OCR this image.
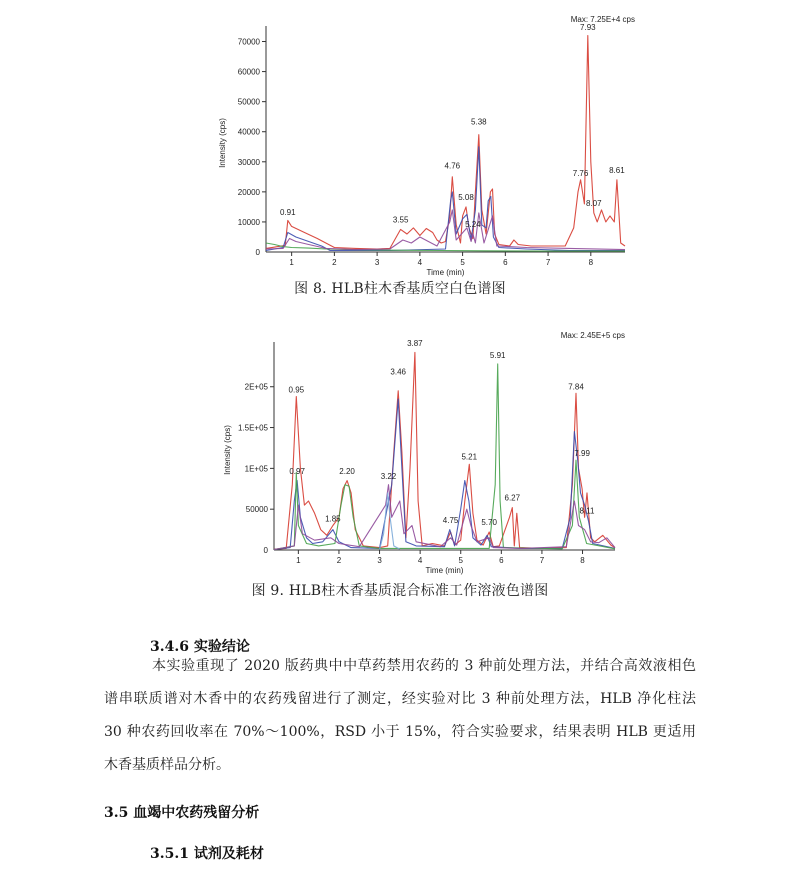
1	2	3	4	5	6	7	8
10000
20000
30000
40000
50000
60000
70000
0
Time (min)
Intensity (cps)
Max: 7.25E+4 cps
0.91
3.55
4.76
5.08
5.24
5.38
7.76
7.93
8.07
8.61
图 8. HLB柱木香基质空白色谱图
1	2	3	4	5	6	7	8
50000
1E+05
1.5E+05
2E+05
0
Time (min)
Intensity (cps)
Max: 2.45E+5 cps
0.95
0.97
1.85
2.20
3.22
3.46
3.87
4.75
5.21
5.70
5.91
6.27
7.84
7.99
8.11
图 9. HLB柱木香基质混合标准工作溶液色谱图
3.4.6 实验结论
本实验重现了 2020 版药典中中草药禁用农药的 3 种前处理方法，并结合高效液相色
谱串联质谱对木香中的农药残留进行了测定，经实验对比 3 种前处理方法，HLB 净化柱法
30 种农药回收率在 70%～100%，RSD 小于 15%，符合实验要求，结果表明 HLB 更适用
木香基质样品分析。
3.5 血竭中农药残留分析
3.5.1 试剂及耗材
